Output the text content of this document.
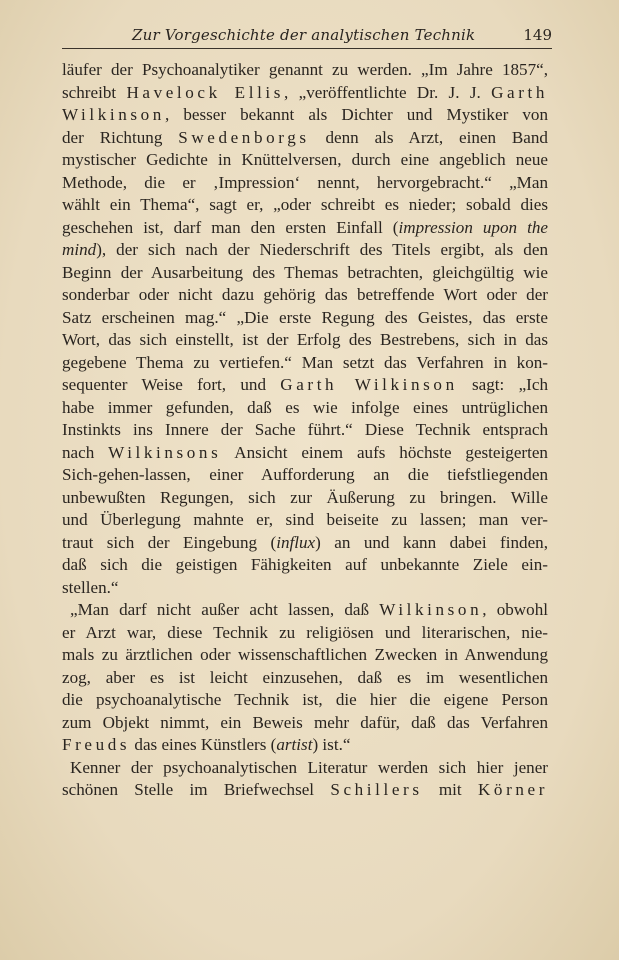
Zur Vorgeschichte der analytischen Technik	149
läufer der Psychoanalytiker genannt zu werden. „Im Jahre 1857“,
schreibt Havelock Ellis, „veröffentlichte Dr. J. J. Garth
Wilkinson, besser bekannt als Dichter und Mystiker von
der Richtung Swedenborgs denn als Arzt, einen Band
mystischer Gedichte in Knüttelversen, durch eine angeblich neue
Methode, die er ‚Impression‘ nennt, hervorgebracht.“ „Man
wählt ein Thema“, sagt er, „oder schreibt es nieder; sobald dies
geschehen ist, darf man den ersten Einfall (impression upon the
mind), der sich nach der Niederschrift des Titels ergibt, als den
Beginn der Ausarbeitung des Themas betrachten, gleichgültig wie
sonderbar oder nicht dazu gehörig das betreffende Wort oder der
Satz erscheinen mag.“ „Die erste Regung des Geistes, das erste
Wort, das sich einstellt, ist der Erfolg des Bestrebens, sich in das
gegebene Thema zu vertiefen.“ Man setzt das Verfahren in kon-
sequenter Weise fort, und Garth Wilkinson sagt: „Ich
habe immer gefunden, daß es wie infolge eines untrüglichen
Instinkts ins Innere der Sache führt.“ Diese Technik entsprach
nach Wilkinsons Ansicht einem aufs höchste gesteigerten
Sich-gehen-lassen, einer Aufforderung an die tiefstliegenden
unbewußten Regungen, sich zur Äußerung zu bringen. Wille
und Überlegung mahnte er, sind beiseite zu lassen; man ver-
traut sich der Eingebung (influx) an und kann dabei finden,
daß sich die geistigen Fähigkeiten auf unbekannte Ziele ein-
stellen.“
„Man darf nicht außer acht lassen, daß Wilkinson, obwohl
er Arzt war, diese Technik zu religiösen und literarischen, nie-
mals zu ärztlichen oder wissenschaftlichen Zwecken in Anwendung
zog, aber es ist leicht einzusehen, daß es im wesentlichen
die psychoanalytische Technik ist, die hier die eigene Person
zum Objekt nimmt, ein Beweis mehr dafür, daß das Verfahren
Freuds das eines Künstlers (artist) ist.“
Kenner der psychoanalytischen Literatur werden sich hier jener
schönen Stelle im Briefwechsel Schillers mit Körner
